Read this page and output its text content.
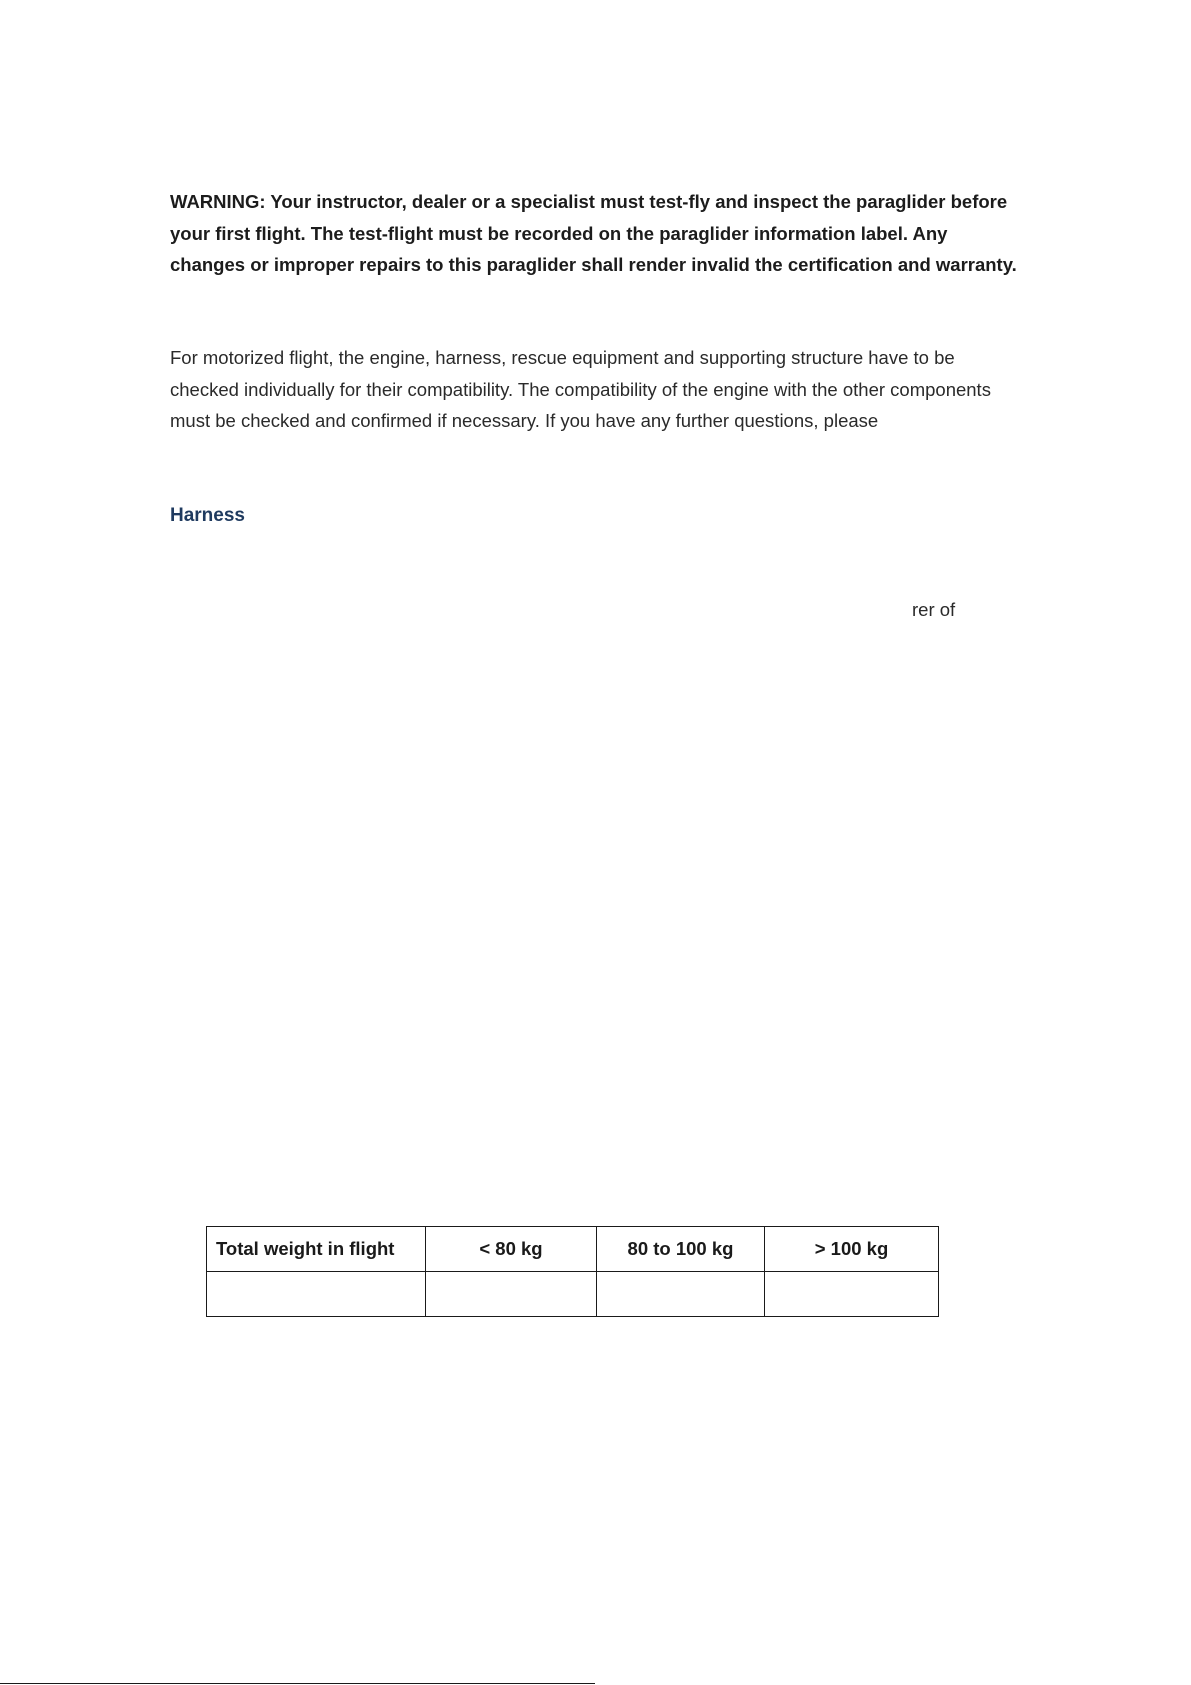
WARNING: Your instructor, dealer or a specialist must test-fly and inspect the paraglider before your first flight. The test-flight must be recorded on the paraglider information label. Any changes or improper repairs to this paraglider shall render invalid the certification and warranty.

For motorized flight, the engine, harness, rescue equipment and supporting structure have to be checked individually for their compatibility. The compatibility of the engine with the other components must be checked and confirmed if necessary. If you have any further questions, please

Harness

rer of

Total weight in flight	< 80 kg	80 to 100 kg	> 100 kg
